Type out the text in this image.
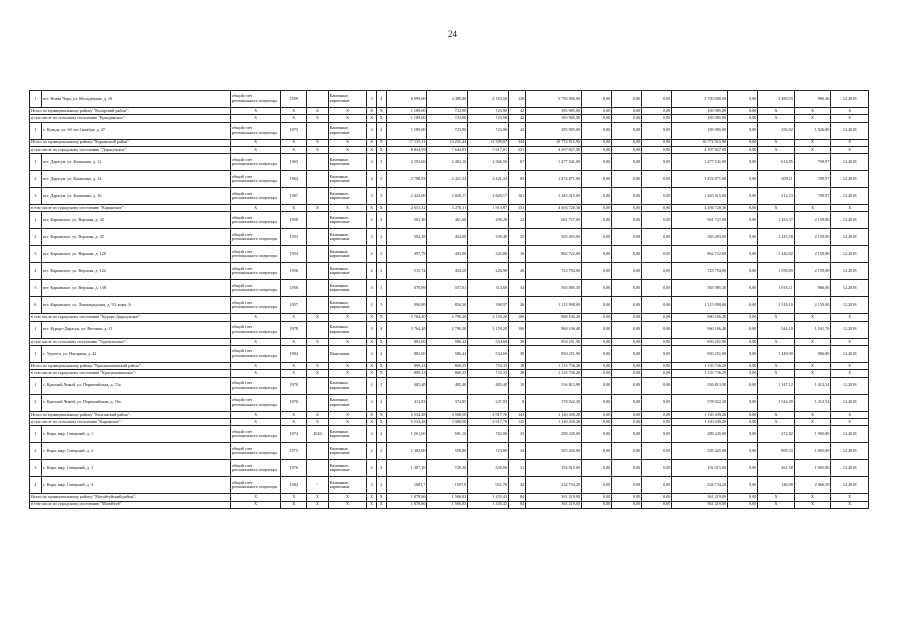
24
1	пгт. Новая Чара, ул. Молодёжная, д. 16	общий счет регионального оператора	1959		Каменные, кирпичные	3	4	6 099,60	4 489,00	4 163,50	120	5 750 000,00	0,00	0,00	0,00	5 750 000,00	0,00	1 280,93	960,46	12.2018
Итого по муниципальному району "Каларский район":		X	X	X	X	X	X	1 189,00	723,90	723,90	42	185 985,00	0,00	0,00	0,00	185 985,00	0,00	X	X	X
в том числе по сельскому поселению "Куандинское":		X	X	X	X	X	X	1 189,00	723,90	723,90	42	185 985,00	0,00	0,00	0,00	185 985,00	0,00	X	X	X
1	с. Куанда, ул. 60 лет Октября, д. 47	общий счет регионального оператора	1973		Каменные, кирпичные	2	2	1 189,00	723,90	723,90	42	185 985,00	0,00	0,00	0,00	185 985,00	0,00	256,92	1 926,00	12.2018
Итого по муниципальному району "Карымский район":		X	X	X	X	X	X	17 135,11	14 231,44	12 599,87	344	10 772 915,90	0,00	0,00	0,00	10 772 915,90	0,00	X	X	X
в том числе по городскому поселению "Дарасунское":		X	X	X	X	X	X	8 834,59	7 644,03	7 617,01	231	4 397 827,00	0,00	0,00	0,00	4 397 827,00	0,00	X	X	X
1	пгт. Дарасун, ул. Калинина, д. 12	общий счет регионального оператора	1963		Каменные, кирпичные	4	3	2 592,66	2 403,10	2 366,50	67	1 477 541,00	0,00	0,00	0,00	1 477 541,00	0,00	614,85	709,97	12.2018
2	пгт. Дарасун, ул. Калинина, д. 14	общий счет регионального оператора	1964		Каменные, кирпичные	4	3	3 798,93	2 421,54	2 421,34	84	1 474 871,00	0,00	0,00	0,00	1 474 871,00	0,00	609,11	709,97	12.2018
3	пгт. Дарасун, ул. Калинина, д. 16	общий счет регионального оператора	1967		Каменные, кирпичные	5	3	2 443,00	2 820,17	2 820,17	101	1 445 415,00	0,00	0,00	0,00	1 445 415,00	0,00	512,53	709,97	12.2018
в том числе по городскому поселению "Карымское":		X	X	X	X	X	X	2 653,32	3 270,11	1 913,97	151	4 494 720,30	0,00	0,00	0,00	4 494 720,30	0,00	X	X	X
1	пгт. Карымское, ул. Верхняя, д. 43	общий счет регионального оператора	1958		Каменные, кирпичные	2	2	503,30	461,60	290,20	24	661 727,00	0,00	0,00	0,00	661 727,00	0,00	1 433,57	2 159,00	12.2018
2	пгт. Карымское, ул. Верхняя, д. 45	общий счет регионального оператора	1953		Каменные, кирпичные	2	2	502,38	454,00	339,40	25	565 493,00	0,00	0,00	0,00	565 493,00	0,00	1 243,58	2 159,00	12.2018
3	пгт. Карымское, ул. Верхняя, д. 120	общий счет регионального оператора	1954		Каменные, кирпичные	2	2	497,79	493,00	343,80	16	862 722,00	0,00	0,00	0,00	862 722,00	0,00	1 446,92	2 159,00	12.2018
4	пгт. Карымское, ул. Верхняя, д. 122	общий счет регионального оператора	1956		Каменные, кирпичные	2	2	515,74	454,20	226,90	26	723 794,00	0,00	0,00	0,00	723 794,00	0,00	1 558,89	2 159,00	12.2018
5	пгт. Карымское, ул. Верхняя, д. 138	общий счет регионального оператора	1956		Каменные, кирпичные	3	1	679,89	557,01	314,69	34	565 985,30	0,00	0,00	0,00	565 985,30	0,00	1 016,11	986,00	12.2018
6	пгт. Карымское, ул. Ленинградская, д. 93, корп. А	общий счет регионального оператора	1957		Каменные, кирпичные	2	3	996,80	854,30	398,97	26	1 115 998,00	0,00	0,00	0,00	1 115 998,00	0,00	1 518,16	2 159,00	12.2018
в том числе по городскому поселению "Курорт-Дарасунское":		X	X	X	X	X	X	3 764,20	2 790,20	2 159,20	106	960 106,40	0,00	0,00	0,00	960 106,40	0,00	X	X	X
1	пгт. Курорт-Дарасун, ул. Ветлина, д. 11	общий счет регионального оператора	1978		Каменные, кирпичные	3	4	3 764,20	2 790,20	2 159,20	106	960 106,40	0,00	0,00	0,00	960 106,40	0,00	344,10	1 541,76	12.2018
в том числе по сельскому поселению "Урульгинское":		X	X	X	X	X	X	883,00	586,42	534,69	30	850 251,90	0,00	0,00	0,00	850 251,90	0,00	X	X	X
1	с. Урульга, ул. Нагорная, д. 42	общий счет регионального оператора	1984		Панельные	2	2	883,00	586,42	534,69	30	850 251,90	0,00	0,00	0,00	850 251,90	0,00	1 449,90	986,00	12.2018
Итого по муниципальному району "Краснокаменский район":		X	X	X	X	X	X	899,23	860,25	733,33	18	1 135 736,20	0,00	0,00	0,00	1 135 736,20	0,00	X	X	X
в том числе по городскому поселению "Краснокаменское":		X	X	X	X	X	X	899,23	860,25	733,33	18	1 135 736,20	0,00	0,00	0,00	1 135 736,20	0,00	X	X	X
1	с. Красный Чикой, ул. Первомайская, д. 72а	общий счет регионального оператора	1970		Каменные, кирпичные	2	2	485,40	485,40	485,40	10	556 813,90	0,00	0,00	0,00	556 813,90	0,00	1 147,12	1 412,54	12.2018
2	с. Красный Чикой, ул. Первомайская, д. 76а	общий счет регионального оператора	1970		Каменные, кирпичные	2	2	413,83	374,85	247,93	8	578 922,30	0,00	0,00	0,00	578 922,30	0,00	1 544,49	1 412,54	12.2018
Итого по муниципальному району "Калганский район":		X	X	X	X	X	X	5 534,48	3 588,50	2 917,70	143	1 120 439,20	0,00	0,00	0,00	1 120 439,20	0,00	X	X	X
в том числе по сельскому поселению "Кирчиское":		X	X	X	X	X	X	5 534,48	3 588,50	2 917,70	143	1 120 439,20	0,00	0,00	0,00	1 120 439,20	0,00	X	X	X
1	с. Кира, мкр. Северный, д. 1	общий счет регионального оператора	1974	2016	Каменные, кирпичные	2	2	1 261,60	691,10	702,00	33	289 245,00	0,00	0,00	0,00	289 245,00	0,00	272,82	1 905,00	12.2018
2	с. Кира, мкр. Северный, д. 2	общий счет регионального оператора	1975		Каменные, кирпичные	2	2	1 302,90	559,80	723,80	34	505 445,00	0,00	0,00	0,00	505 445,00	0,00	899,33	1 905,00	12.2018
3	с. Кира, мкр. Северный, д. 3	общий счет регионального оператора	1976		Каменные, кирпичные	2	2	1 387,20	729,30	530,00	31	192 015,00	0,00	0,00	0,00	192 015,00	0,00	261,58	1 905,00	12.2018
4	с. Кира, мкр. Северный, д. 4	общий счет регионального оператора	1984	-	Каменные, кирпичные	2	2	1683,7	1597,9	921,70	42	234 734,20	0,00	0,00	0,00	234 734,20	0,00	146,90	2 066,50	12.2018
Итого по муниципальному району "Могойтуйский район":		X	X	X	X	X	X	1 878,66	1 566,03	1 435,43	84	361 219,00	0,00	0,00	0,00	361 219,00	0,00	X	X	X
в том числе по городскому поселению "Могойтуй":		X	X	X	X	X	X	1 878,66	1 566,03	1 435,43	84	361 219,00	0,00	0,00	0,00	361 219,00	0,00	X	X	X
